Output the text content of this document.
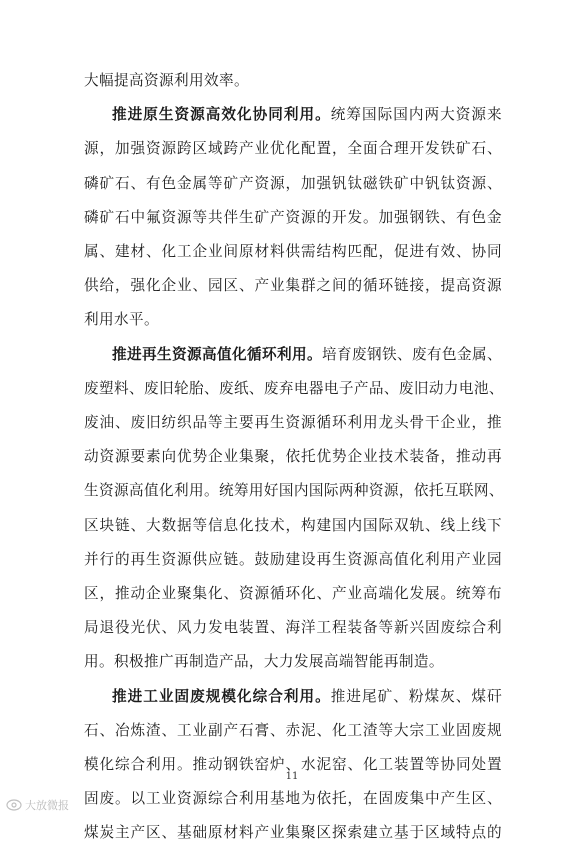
大幅提高资源利用效率。
推进原生资源高效化协同利用。统筹国际国内两大资源来
源，加强资源跨区域跨产业优化配置，全面合理开发铁矿石、
磷矿石、有色金属等矿产资源，加强钒钛磁铁矿中钒钛资源、
磷矿石中氟资源等共伴生矿产资源的开发。加强钢铁、有色金
属、建材、化工企业间原材料供需结构匹配，促进有效、协同
供给，强化企业、园区、产业集群之间的循环链接，提高资源
利用水平。
推进再生资源高值化循环利用。培育废钢铁、废有色金属、
废塑料、废旧轮胎、废纸、废弃电器电子产品、废旧动力电池、
废油、废旧纺织品等主要再生资源循环利用龙头骨干企业，推
动资源要素向优势企业集聚，依托优势企业技术装备，推动再
生资源高值化利用。统筹用好国内国际两种资源，依托互联网、
区块链、大数据等信息化技术，构建国内国际双轨、线上线下
并行的再生资源供应链。鼓励建设再生资源高值化利用产业园
区，推动企业聚集化、资源循环化、产业高端化发展。统筹布
局退役光伏、风力发电装置、海洋工程装备等新兴固废综合利
用。积极推广再制造产品，大力发展高端智能再制造。
推进工业固废规模化综合利用。推进尾矿、粉煤灰、煤矸
石、冶炼渣、工业副产石膏、赤泥、化工渣等大宗工业固废规
模化综合利用。推动钢铁窑炉、水泥窑、化工装置等协同处置
固废。以工业资源综合利用基地为依托，在固废集中产生区、
煤炭主产区、基础原材料产业集聚区探索建立基于区域特点的
11
大放微报
